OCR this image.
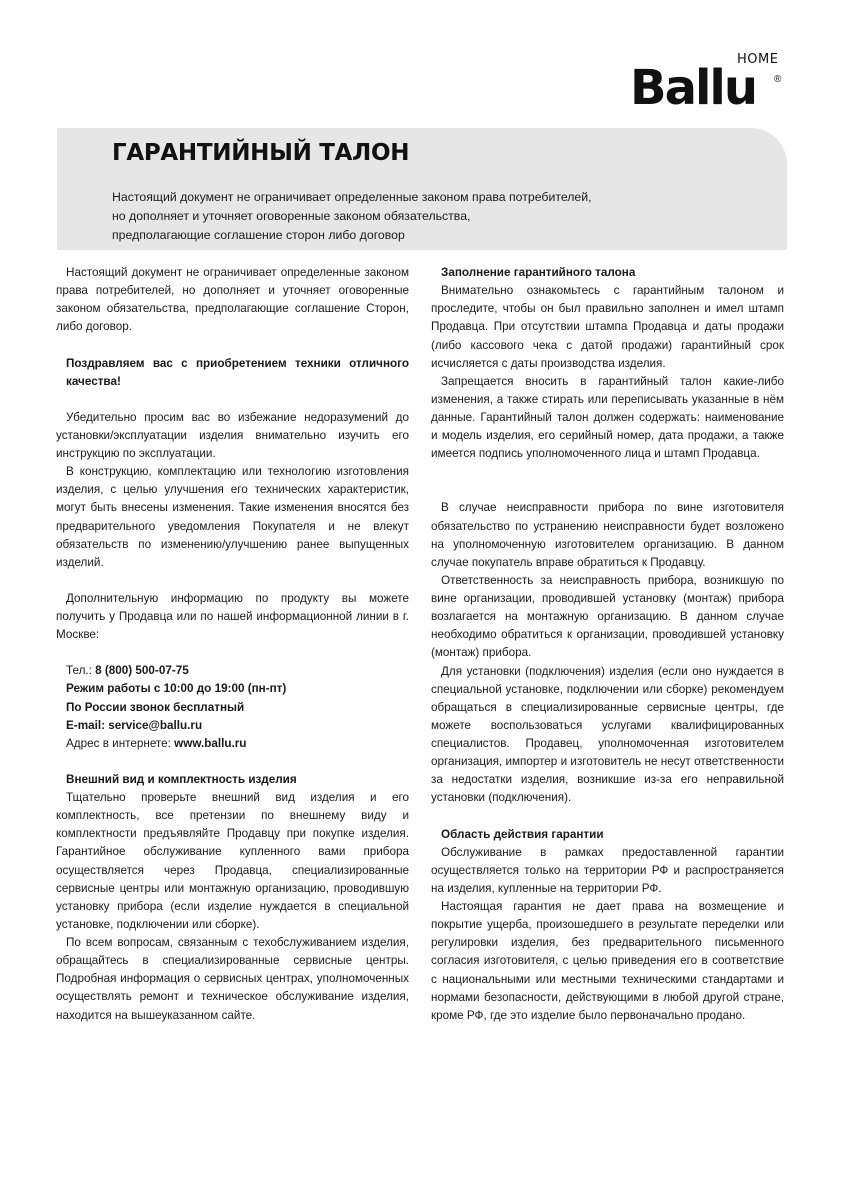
HOME
Ballu ®
ГАРАНТИЙНЫЙ ТАЛОН
Настоящий документ не ограничивает определенные законом права потребителей,
но дополняет и уточняет оговоренные законом обязательства,
предполагающие соглашение сторон либо договор

Настоящий документ не ограничивает определенные законом права потребителей, но дополняет и уточняет оговоренные законом обязательства, предполагающие соглашение Сторон, либо договор.

Поздравляем вас с приобретением техники отличного качества!

Убедительно просим вас во избежание недоразумений до установки/эксплуатации изделия внимательно изучить его инструкцию по эксплуатации.

В конструкцию, комплектацию или технологию изготовления изделия, с целью улучшения его технических характеристик, могут быть внесены изменения. Такие изменения вносятся без предварительного уведомления Покупателя и не влекут обязательств по изменению/улучшению ранее выпущенных изделий.

Дополнительную информацию по продукту вы можете получить у Продавца или по нашей информационной линии в г. Москве:

Тел.: 8 (800) 500-07-75
Режим работы с 10:00 до 19:00 (пн-пт)
По России звонок бесплатный
E-mail: service@ballu.ru
Адрес в интернете: www.ballu.ru

Внешний вид и комплектность изделия

Тщательно проверьте внешний вид изделия и его комплектность, все претензии по внешнему виду и комплектности предъявляйте Продавцу при покупке изделия. Гарантийное обслуживание купленного вами прибора осуществляется через Продавца, специализированные сервисные центры или монтажную организацию, проводившую установку прибора (если изделие нуждается в специальной установке, подключении или сборке).

По всем вопросам, связанным с техобслуживанием изделия, обращайтесь в специализированные сервисные центры. Подробная информация о сервисных центрах, уполномоченных осуществлять ремонт и техническое обслуживание изделия, находится на вышеуказанном сайте.

Заполнение гарантийного талона

Внимательно ознакомьтесь с гарантийным талоном и проследите, чтобы он был правильно заполнен и имел штамп Продавца. При отсутствии штампа Продавца и даты продажи (либо кассового чека с датой продажи) гарантийный срок исчисляется с даты производства изделия.

Запрещается вносить в гарантийный талон какие-либо изменения, а также стирать или переписывать указанные в нём данные. Гарантийный талон должен содержать: наименование и модель изделия, его серийный номер, дата продажи, а также имеется подпись уполномоченного лица и штамп Продавца.

В случае неисправности прибора по вине изготовителя обязательство по устранению неисправности будет возложено на уполномоченную изготовителем организацию. В данном случае покупатель вправе обратиться к Продавцу.

Ответственность за неисправность прибора, возникшую по вине организации, проводившей установку (монтаж) прибора возлагается на монтажную организацию. В данном случае необходимо обратиться к организации, проводившей установку (монтаж) прибора.

Для установки (подключения) изделия (если оно нуждается в специальной установке, подключении или сборке) рекомендуем обращаться в специализированные сервисные центры, где можете воспользоваться услугами квалифицированных специалистов. Продавец, уполномоченная изготовителем организация, импортер и изготовитель не несут ответственности за недостатки изделия, возникшие из-за его неправильной установки (подключения).

Область действия гарантии

Обслуживание в рамках предоставленной гарантии осуществляется только на территории РФ и распространяется на изделия, купленные на территории РФ.

Настоящая гарантия не дает права на возмещение и покрытие ущерба, произошедшего в результате переделки или регулировки изделия, без предварительного письменного согласия изготовителя, с целью приведения его в соответствие с национальными или местными техническими стандартами и нормами безопасности, действующими в любой другой стране, кроме РФ, где это изделие было первоначально продано.
